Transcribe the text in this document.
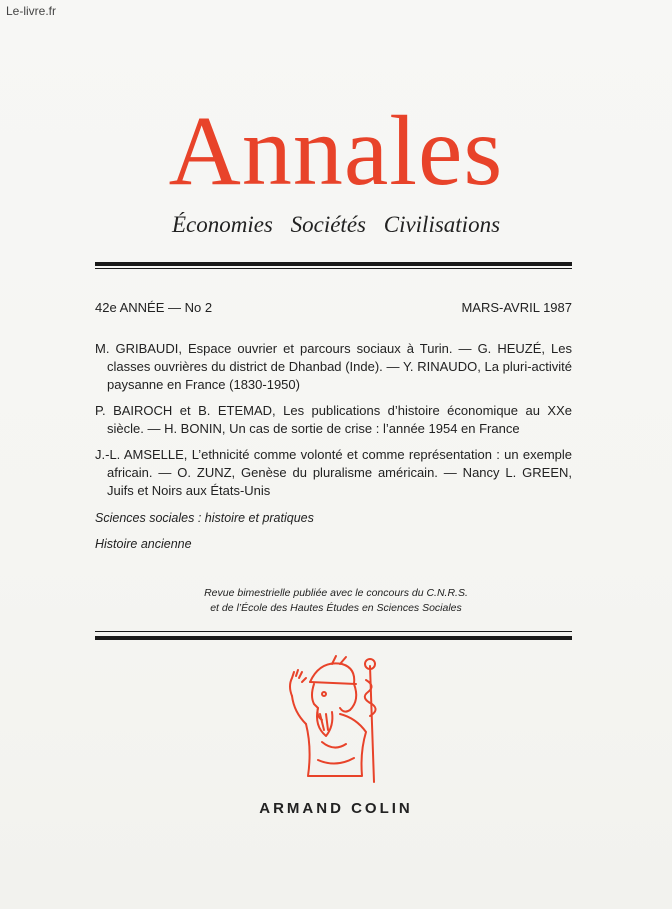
Le-livre.fr
Annales
Économies Sociétés Civilisations
42e ANNÉE — No 2	MARS-AVRIL 1987
M. GRIBAUDI, Espace ouvrier et parcours sociaux à Turin. — G. HEUZÉ, Les classes ouvrières du district de Dhanbad (Inde). — Y. RINAUDO, La pluri-activité paysanne en France (1830-1950)
P. BAIROCH et B. ETEMAD, Les publications d’histoire économique au XXe siècle. — H. BONIN, Un cas de sortie de crise : l’année 1954 en France
J.-L. AMSELLE, L’ethnicité comme volonté et comme représentation : un exemple africain. — O. ZUNZ, Genèse du pluralisme américain. — Nancy L. GREEN, Juifs et Noirs aux États-Unis
Sciences sociales : histoire et pratiques
Histoire ancienne
Revue bimestrielle publiée avec le concours du C.N.R.S.
et de l’École des Hautes Études en Sciences Sociales
ARMAND COLIN
